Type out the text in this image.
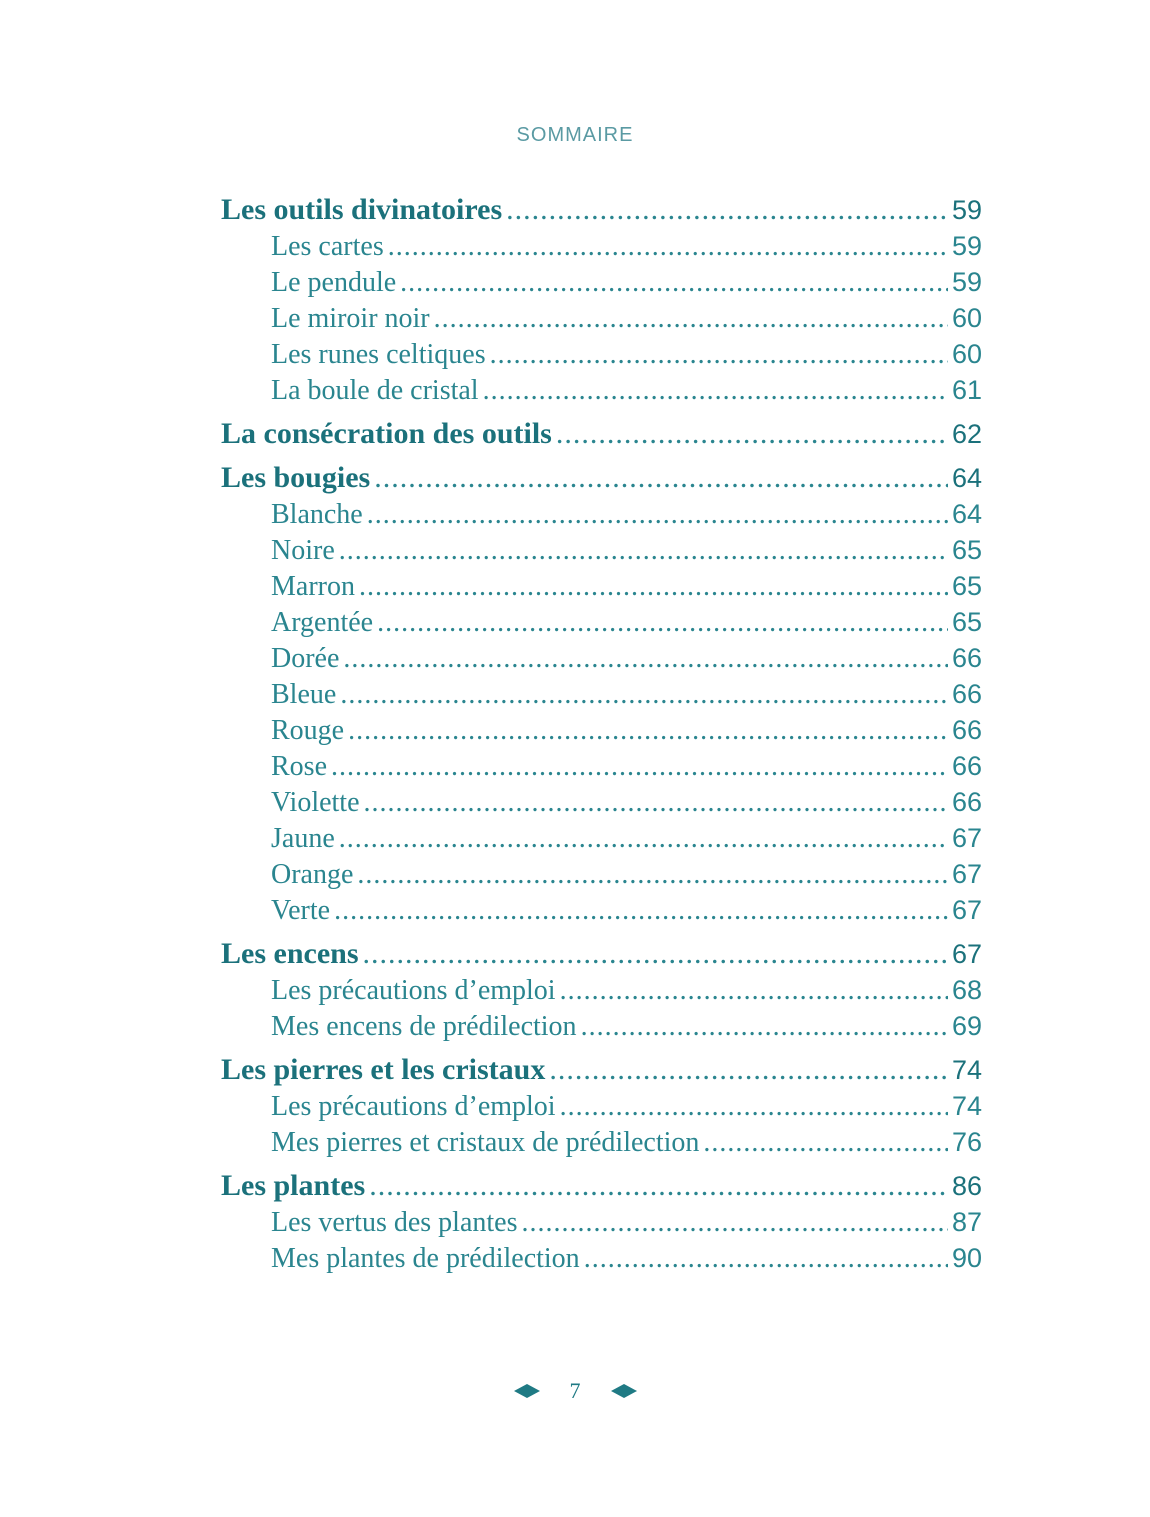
SOMMAIRE
Les outils divinatoires .....	59
Les cartes .....	59
Le pendule .....	59
Le miroir noir .....	60
Les runes celtiques .....	60
La boule de cristal .....	61
La consécration des outils .....	62
Les bougies .....	64
Blanche .....	64
Noire .....	65
Marron .....	65
Argentée .....	65
Dorée .....	66
Bleue .....	66
Rouge .....	66
Rose .....	66
Violette .....	66
Jaune .....	67
Orange .....	67
Verte .....	67
Les encens .....	67
Les précautions d’emploi .....	68
Mes encens de prédilection .....	69
Les pierres et les cristaux .....	74
Les précautions d’emploi .....	74
Mes pierres et cristaux de prédilection .....	76
Les plantes .....	86
Les vertus des plantes .....	87
Mes plantes de prédilection .....	90
7
